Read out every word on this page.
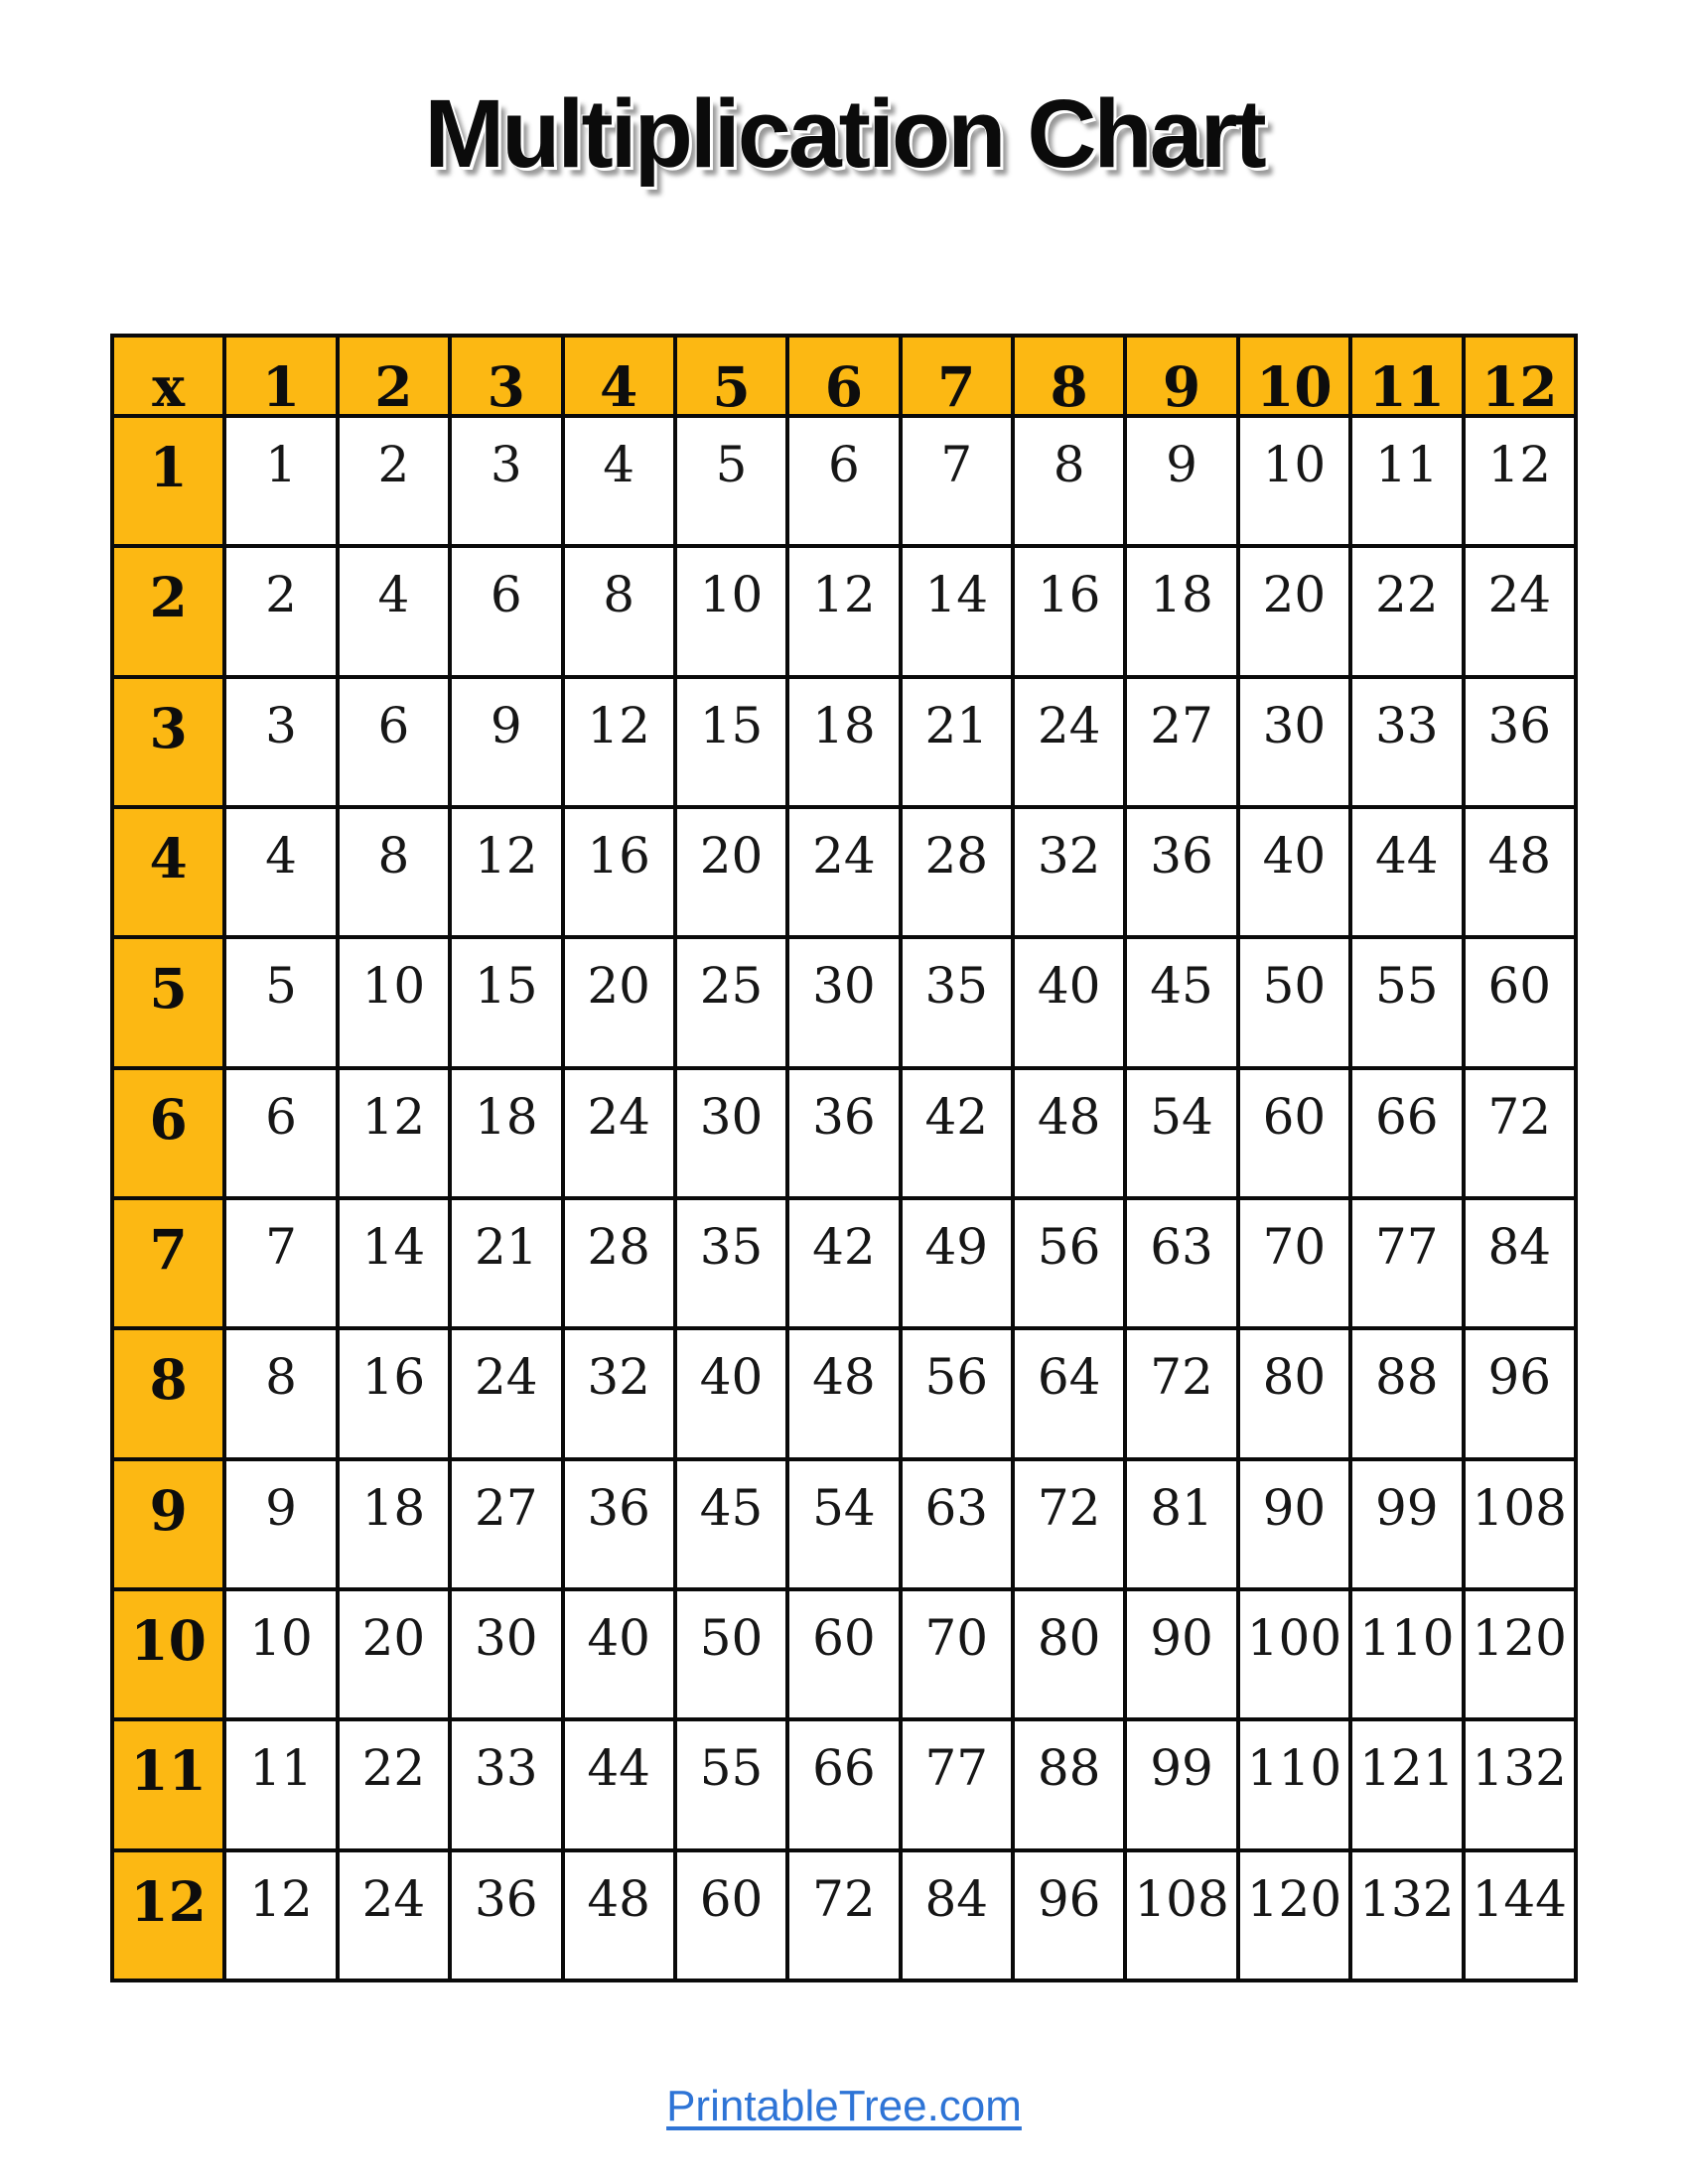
Multiplication Chart
x	1	2	3	4	5	6	7	8	9	10	11	12
1	1	2	3	4	5	6	7	8	9	10	11	12
2	2	4	6	8	10	12	14	16	18	20	22	24
3	3	6	9	12	15	18	21	24	27	30	33	36
4	4	8	12	16	20	24	28	32	36	40	44	48
5	5	10	15	20	25	30	35	40	45	50	55	60
6	6	12	18	24	30	36	42	48	54	60	66	72
7	7	14	21	28	35	42	49	56	63	70	77	84
8	8	16	24	32	40	48	56	64	72	80	88	96
9	9	18	27	36	45	54	63	72	81	90	99	108
10	10	20	30	40	50	60	70	80	90	100	110	120
11	11	22	33	44	55	66	77	88	99	110	121	132
12	12	24	36	48	60	72	84	96	108	120	132	144
PrintableTree.com
